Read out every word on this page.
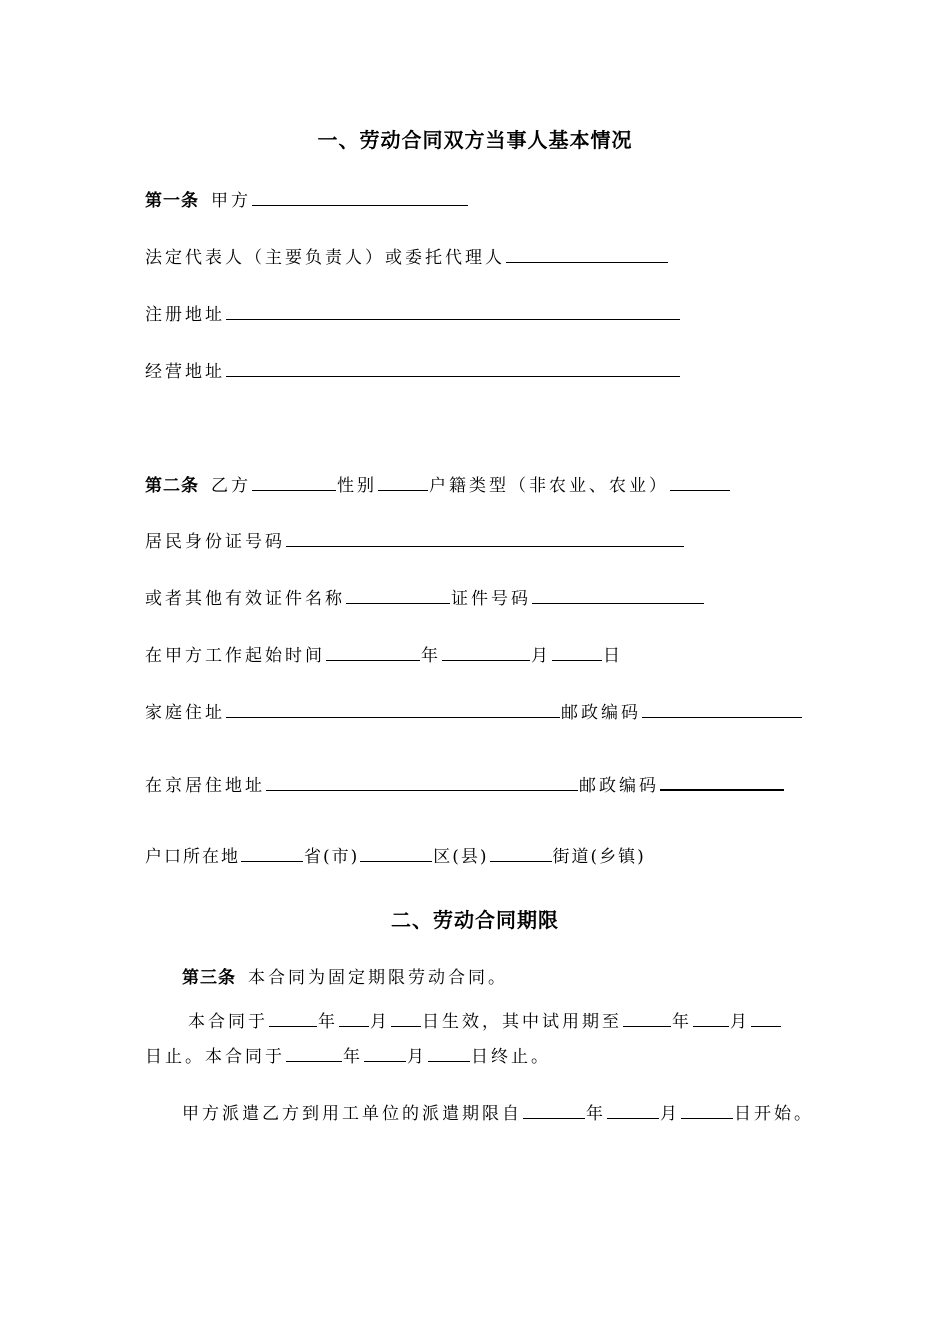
一、劳动合同双方当事人基本情况
第一条 甲方
法定代表人（主要负责人）或委托代理人
注册地址
经营地址
第二条 乙方	性别	户籍类型（非农业、农业）
居民身份证号码
或者其他有效证件名称	证件号码
在甲方工作起始时间	年	月	日
家庭住址	邮政编码
在京居住地址	邮政编码
户口所在地	省(市)	区(县)	街道(乡镇)
二、劳动合同期限
第三条 本合同为固定期限劳动合同。
本合同于	年 月 日生效，其中试用期至	年 月
日止。本合同于	年	月	日终止。
甲方派遣乙方到用工单位的派遣期限自	年	月	日开始。
